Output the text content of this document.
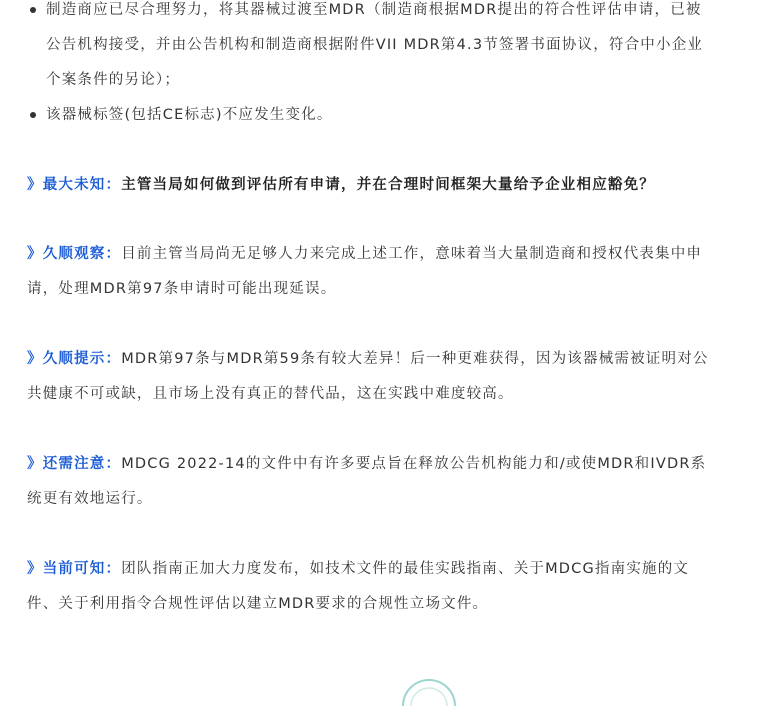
制造商应已尽合理努力，将其器械过渡至MDR（制造商根据MDR提出的符合性评估申请，已被公告机构接受，并由公告机构和制造商根据附件VII MDR第4.3节签署书面协议，符合中小企业个案条件的另论）；
该器械标签(包括CE标志)不应发生变化。

》最大未知：主管当局如何做到评估所有申请，并在合理时间框架大量给予企业相应豁免？

》久顺观察：目前主管当局尚无足够人力来完成上述工作，意味着当大量制造商和授权代表集中申请，处理MDR第97条申请时可能出现延误。

》久顺提示：MDR第97条与MDR第59条有较大差异！后一种更难获得，因为该器械需被证明对公共健康不可或缺，且市场上没有真正的替代品，这在实践中难度较高。

》还需注意：MDCG 2022-14的文件中有许多要点旨在释放公告机构能力和/或使MDR和IVDR系统更有效地运行。

》当前可知：团队指南正加大力度发布，如技术文件的最佳实践指南、关于MDCG指南实施的文件、关于利用指令合规性评估以建立MDR要求的合规性立场文件。
